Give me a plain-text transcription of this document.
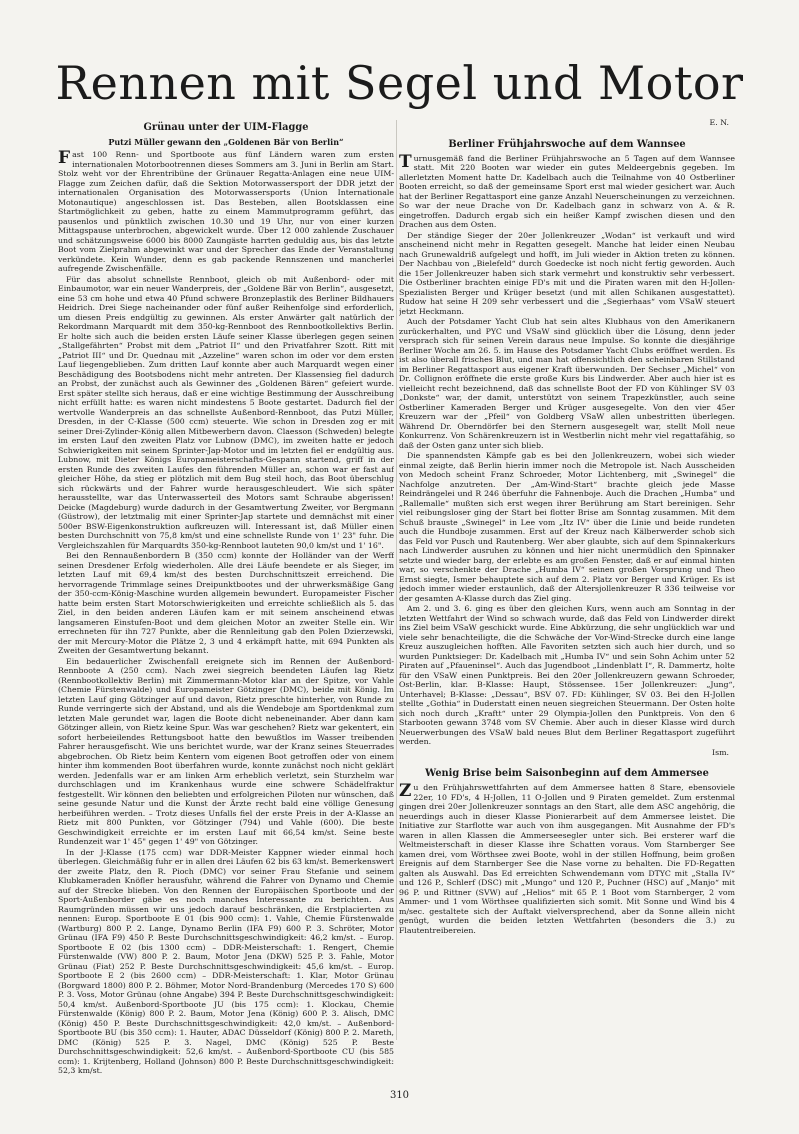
Rennen mit Segel und Motor
Grünau unter der UIM-Flagge
Putzi Müller gewann den „Goldenen Bär von Berlin“

Fast 100 Renn- und Sportboote aus fünf Ländern waren zum ersten internationalen Motorbootrennen dieses Sommers am 3. Juni in Berlin am Start. Stolz weht vor der Ehrentribüne der Grünauer Regatta-Anlagen eine neue UIM-Flagge zum Zeichen dafür, daß die Sektion Motorwassersport der DDR jetzt der internationalen Organisation des Motorwassersports (Union Internationale Motonautique) angeschlossen ist. Das Besteben, allen Bootsklassen eine Startmöglichkeit zu geben, hatte zu einem Mammutprogramm geführt, das pausenlos und pünktlich zwischen 10.30 und 19 Uhr, nur von einer kurzen Mittagspause unterbrochen, abgewickelt wurde. Über 12 000 zahlende Zuschauer und schätzungsweise 6000 bis 8000 Zaungäste harrten geduldig aus, bis das letzte Boot vom Zielprahm abgewinkt war und der Sprecher das Ende der Veranstaltung verkündete. Kein Wunder, denn es gab packende Rennszenen und mancherlei aufregende Zwischenfälle.

Für das absolut schnellste Rennboot, gleich ob mit Außenbord- oder mit Einbaumotor, war ein neuer Wanderpreis, der „Goldene Bär von Berlin“, ausgesetzt, eine 53 cm hohe und etwa 40 Pfund schwere Bronzeplastik des Berliner Bildhauers Heidrich. Drei Siege nacheinander oder fünf außer Reihenfolge sind erforderlich, um diesen Preis endgültig zu gewinnen. Als erster Anwärter galt natürlich der Rekordmann Marquardt mit dem 350-kg-Rennboot des Rennbootkollektivs Berlin. Er holte sich auch die beiden ersten Läufe seiner Klasse überlegen gegen seinen „Stallgefährten“ Probst mit dem „Patriot II“ und den Privatfahrer Szott. Ritt mit „Patriot III“ und Dr. Quednau mit „Azzeline“ waren schon im oder vor dem ersten Lauf liegengeblieben. Zum dritten Lauf konnte aber auch Marquardt wegen einer Beschädigung des Bootsbodens nicht mehr antreten. Der Klassensieg fiel dadurch an Probst, der zunächst auch als Gewinner des „Goldenen Bären“ gefeiert wurde. Erst später stellte sich heraus, daß er eine wichtige Bestimmung der Ausschreibung nicht erfüllt hatte: es waren nicht mindestens 5 Boote gestartet. Dadurch fiel der wertvolle Wanderpreis an das schnellste Außenbord-Rennboot, das Putzi Müller, Dresden, in der C-Klasse (500 ccm) steuerte. Wie schon in Dresden zog er mit seiner Drei-Zylinder-König allen Mitbewerbern davon. Claesson (Schweden) belegte im ersten Lauf den zweiten Platz vor Lubnow (DMC), im zweiten hatte er jedoch Schwierigkeiten mit seinem Sprinter-Jap-Motor und im letzten fiel er endgültig aus. Lubnow, mit Dieter Königs Europameisterschafts-Gespann startend, griff in der ersten Runde des zweiten Laufes den führenden Müller an, schon war er fast auf gleicher Höhe, da stieg er plötzlich mit dem Bug steil hoch, das Boot überschlug sich rückwärts und der Fahrer wurde herausgeschleudert. Wie sich später herausstellte, war das Unterwasserteil des Motors samt Schraube abgerissen! Deicke (Magdeburg) wurde dadurch in der Gesamtwertung Zweiter, vor Bergmann (Güstrow), der letztmalig mit einer Sprinter-Jap startete und demnächst mit einer 500er BSW-Eigenkonstruktion aufkreuzen will. Interessant ist, daß Müller einen besten Durchschnitt von 75,8 km/st und eine schnellste Runde von 1' 23" fuhr. Die Vergleichszahlen für Marquardts 350-kg-Rennboot lauteten 90,0 km/st und 1' 16".

Bei den Rennaußenbordern B (350 ccm) konnte der Holländer van der Werff seinen Dresdener Erfolg wiederholen. Alle drei Läufe beendete er als Sieger, im letzten Lauf mit 69,4 km/st des besten Durchschnittszeit erreichend. Die hervorragende Trimmlage seines Dreipunktbootes und der uhrwerksmäßige Gang der 350-ccm-König-Maschine wurden allgemein bewundert. Europameister Fischer hatte beim ersten Start Motorschwierigkeiten und erreichte schließlich als 5. das Ziel, in den beiden anderen Läufen kam er mit seinem anscheinend etwas langsameren Einstufen-Boot und dem gleichen Motor an zweiter Stelle ein. Wir errechneten für ihn 727 Punkte, aber die Rennleitung gab den Polen Dzierzewski, der mit Mercury-Motor die Plätze 2, 3 und 4 erkämpft hatte, mit 694 Punkten als Zweiten der Gesamtwertung bekannt.

Ein bedauerlicher Zwischenfall ereignete sich im Rennen der Außenbord-Rennboote A (250 ccm). Nach zwei siegreich beendeten Läufen lag Rietz (Rennbootkollektiv Berlin) mit Zimmermann-Motor klar an der Spitze, vor Vahle (Chemie Fürstenwalde) und Europameister Götzinger (DMC), beide mit König. Im letzten Lauf ging Götzinger auf und davon, Rietz preschte hinterher, von Runde zu Runde verringerte sich der Abstand, und als die Wendeboje am Sportdenkmal zum letzten Male gerundet war, lagen die Boote dicht nebeneinander. Aber dann kam Götzinger allein, von Rietz keine Spur. Was war geschehen? Rietz war gekentert, ein sofort herbeieilendes Rettungsboot hatte den bewußtlos im Wasser treibenden Fahrer herausgefischt. Wie uns berichtet wurde, war der Kranz seines Steuerrades abgebrochen. Ob Rietz beim Kentern vom eigenen Boot getroffen oder von einem hinter ihm kommenden Boot überfahren wurde, konnte zunächst noch nicht geklärt werden. Jedenfalls war er am linken Arm erheblich verletzt, sein Sturzhelm war durchschlagen und im Krankenhaus wurde eine schwere Schädelfraktur festgestellt. Wir können den beliebten und erfolgreichen Piloten nur wünschen, daß seine gesunde Natur und die Kunst der Ärzte recht bald eine völlige Genesung herbeiführen werden. – Trotz dieses Unfalls fiel der erste Preis in der A-Klasse an Rietz mit 800 Punkten, vor Götzinger (794) und Vahle (600). Die beste Geschwindigkeit erreichte er im ersten Lauf mit 66,54 km/st. Seine beste Rundenzeit war 1' 45" gegen 1' 49" von Götzinger.

In der J-Klasse (175 ccm) war DDR-Meister Kappner wieder einmal hoch überlegen. Gleichmäßig fuhr er in allen drei Läufen 62 bis 63 km/st. Bemerkenswert der zweite Platz, den R. Pioch (DMC) vor seiner Frau Stefanie und seinem Klubkameraden Knöfler herausfuhr, während die Fahrer von Dynamo und Chemie auf der Strecke blieben. Von den Rennen der Europäischen Sportboote und der Sport-Außenborder gäbe es noch manches Interessante zu berichten. Aus Raumgründen müssen wir uns jedoch darauf beschränken, die Erstplacierten zu nennen: Europ. Sportboote E 01 (bis 900 ccm): 1. Vahle, Chemie Fürstenwalde (Wartburg) 800 P. 2. Lange, Dynamo Berlin (IFA F9) 600 P. 3. Schröter, Motor Grünau (IFA F9) 450 P. Beste Durchschnittsgeschwindigkeit: 46,2 km/st. – Europ. Sportboote E 02 (bis 1300 ccm) – DDR-Meisterschaft: 1. Rengert, Chemie Fürstenwalde (VW) 800 P. 2. Baum, Motor Jena (DKW) 525 P. 3. Fahle, Motor Grünau (Fiat) 252 P. Beste Durchschnittsgeschwindigkeit: 45,6 km/st. – Europ. Sportboote E 2 (bis 2600 ccm) – DDR-Meisterschaft: 1. Klar, Motor Grünau (Borgward 1800) 800 P. 2. Böhmer, Motor Nord-Brandenburg (Mercedes 170 S) 600 P. 3. Voss, Motor Grünau (ohne Angabe) 394 P. Beste Durchschnittsgeschwindigkeit: 50,4 km/st. Außenbord-Sportboote JU (bis 175 ccm): 1. Klockau, Chemie Fürstenwalde (König) 800 P. 2. Baum, Motor Jena (König) 600 P. 3. Alisch, DMC (König) 450 P. Beste Durchschnittsgeschwindigkeit: 42,0 km/st. – Außenbord-Sportboote BU (bis 350 ccm): 1. Hauter, ADAC Düsseldorf (König) 800 P. 2. Mareth, DMC (König) 525 P. 3. Nagel, DMC (König) 525 P. Beste Durchschnittsgeschwindigkeit: 52,6 km/st. – Außenbord-Sportboote CU (bis 585 ccm): 1. Krijtenberg, Holland (Johnson) 800 P. Beste Durchschnittsgeschwindigkeit: 52,3 km/st.

E. N.
Berliner Frühjahrswoche auf dem Wannsee

Turnusgemäß fand die Berliner Frühjahrswoche an 5 Tagen auf dem Wannsee statt. Mit 220 Booten war wieder ein gutes Meldeergebnis gegeben. Im allerletzten Moment hatte Dr. Kadelbach auch die Teilnahme von 40 Ostberliner Booten erreicht, so daß der gemeinsame Sport erst mal wieder gesichert war. Auch hat der Berliner Regattasport eine ganze Anzahl Neuerscheinungen zu verzeichnen. So war der neue Drache von Dr. Kadelbach ganz in schwarz von A. & R. eingetroffen. Dadurch ergab sich ein heißer Kampf zwischen diesen und den Drachen aus dem Osten.

Der ständige Sieger der 20er Jollenkreuzer „Wodan“ ist verkauft und wird anscheinend nicht mehr in Regatten gesegelt. Manche hat leider einen Neubau nach Grunewaldriß aufgelegt und hofft, im Juli wieder in Aktion treten zu können. Der Nachbau von „Bielefeld“ durch Goedecke ist noch nicht fertig geworden. Auch die 15er Jollenkreuzer haben sich stark vermehrt und konstruktiv sehr verbessert. Die Ostberliner brachten einige FD's mit und die Piraten waren mit den H-Jollen-Spezialisten Berger und Krüger besetzt (und mit allen Schikanen ausgestattet). Rudow hat seine H 209 sehr verbessert und die „Segierhaas“ vom VSaW steuert jetzt Heckmann.

Auch der Potsdamer Yacht Club hat sein altes Klubhaus von den Amerikanern zurückerhalten, und PYC und VSaW sind glücklich über die Lösung, denn jeder versprach sich für seinen Verein daraus neue Impulse. So konnte die diesjährige Berliner Woche am 26. 5. im Hause des Potsdamer Yacht Clubs eröffnet werden. Es ist also überall frisches Blut, und man hat offensichtlich den scheinbaren Stillstand im Berliner Regattasport aus eigener Kraft überwunden. Der Sechser „Michel“ von Dr. Collignon eröffnete die erste große Kurs bis Lindwerder. Aber auch hier ist es vielleicht recht bezeichnend, daß das schnellste Boot der FD von Kühlinger SV 03 „Donkste“ war, der damit, unterstützt von seinem Trapezkünstler, auch seine Ostberliner Kameraden Berger und Krüger ausgesegelte. Von den vier 45er Kreuzern war der „Pfeil“ von Goldberg VSaW allen unbestritten überlegen. Während Dr. Oberndörfer bei den Sternern ausgesegelt war, stellt Moll neue Konkurrenz. Von Schärenkreuzern ist in Westberlin nicht mehr viel regattafähig, so daß der Osten ganz unter sich blieb.

Die spannendsten Kämpfe gab es bei den Jollenkreuzern, wobei sich wieder einmal zeigte, daß Berlin hierin immer noch die Metropole ist. Nach Ausscheiden von Medoch scheint Franz Schroeder, Motor Lichtenberg, mit „Swinegel“ die Nachfolge anzutreten. Der „Am-Wind-Start“ brachte gleich jede Masse Reindrängelei und R 246 überfuhr die Fahnenboje. Auch die Drachen „Humba“ und „Rallemalle“ mußten sich erst wegen ihrer Berührung am Start bereinigen. Sehr viel reibungsloser ging der Start bei flotter Brise am Sonntag zusammen. Mit dem Schuß brauste „Swinegel“ in Lee vom „Itz IV“ über die Linie und beide rundeten auch die Hundboje zusammen. Erst auf der Kreuz nach Kälberwerder schob sich das Feld vor Pusch und Rautenberg. Wer aber glaubte, sich auf dem Spinnakerkurs nach Lindwerder ausruhen zu können und hier nicht unermüdlich den Spinnaker setzte und wieder barg, der erlebte es am großen Fenster, daß er auf einmal hinten war, so verschenkte der Drache „Humba IV“ seinen großen Vorsprung und Theo Ernst siegte, Ismer behauptete sich auf dem 2. Platz vor Berger und Krüger. Es ist jedoch immer wieder erstaunlich, daß der Altersjollenkreuzer R 336 teilweise vor der gesamten A-Klasse durch das Ziel ging.

Am 2. und 3. 6. ging es über den gleichen Kurs, wenn auch am Sonntag in der letzten Wettfahrt der Wind so schwach wurde, daß das Feld von Lindwerder direkt ins Ziel beim VSaW geschickt wurde. Eine Abkürzung, die sehr unglücklich war und viele sehr benachteiligte, die die Schwäche der Vor-Wind-Strecke durch eine lange Kreuz auszugleichen hofften. Alle Favoriten setzten sich auch hier durch, und so wurden Punktsieger: Dr. Kadelbach mit „Humba IV“ und sein Sohn Achim unter 52 Piraten auf „Pfaueninsel“. Auch das Jugendboot „Lindenblatt I“, R. Dammertz, holte für den VSaW einen Punktpreis. Bei den 20er Jollenkreuzern gewann Schroeder, Ost-Berlin, klar. B-Klasse: Haupt, Stössensee. 15er Jollenkreuzer: „Jung“, Unterhavel; B-Klasse: „Dessau“, BSV 07. FD: Kühlinger, SV 03. Bei den H-Jollen stellte „Gothia“ in Duderstatt einen neuen siegreichen Steuermann. Der Osten holte sich noch durch „Kraftt“ unter 29 Olympia-Jollen den Punktpreis. Von den 6 Starbooten gewann 3748 vom SV Chemie. Aber auch in dieser Klasse wird durch Neuerwerbungen des VSaW bald neues Blut dem Berliner Regattasport zugeführt werden.

Ism.
Wenig Brise beim Saisonbeginn auf dem Ammersee

Zu den Frühjahrswettfahrten auf dem Ammersee hatten 8 Stare, ebensoviele 22er, 10 FD's, 4 H-Jollen, 11 O-Jollen und 9 Piraten gemeldet. Zum erstenmal gingen drei 20er Jollenkreuzer sonntags an den Start, alle dem ASC angehörig, die neuerdings auch in dieser Klasse Pionierarbeit auf dem Ammersee leistet. Die Initiative zur Starflotte war auch von ihm ausgegangen. Mit Ausnahme der FD's waren in allen Klassen die Ammerseesegler unter sich. Bei ersterer warf die Weltmeisterschaft in dieser Klasse ihre Schatten voraus. Vom Starnberger See kamen drei, vom Wörthsee zwei Boote, wohl in der stillen Hoffnung, beim großen Ereignis auf dem Starnberger See die Nase vorne zu behalten. Die FD-Regatten galten als Auswahl. Das Ed erreichten Schwendemann vom DTYC mit „Stalla IV“ und 126 P., Schlerf (DSC) mit „Mungo“ und 120 P., Puchner (HSC) auf „Manjo“ mit 96 P. und Rittner (SVW) auf „Helios“ mit 65 P. 1 Boot vom Starnberger, 2 vom Ammer- und 1 vom Wörthsee qualifizierten sich somit. Mit Sonne und Wind bis 4 m/sec. gestaltete sich der Auftakt vielversprechend, aber da Sonne allein nicht genügt, wurden die beiden letzten Wettfahrten (besonders die 3.) zu Flautentreibereien.

310
